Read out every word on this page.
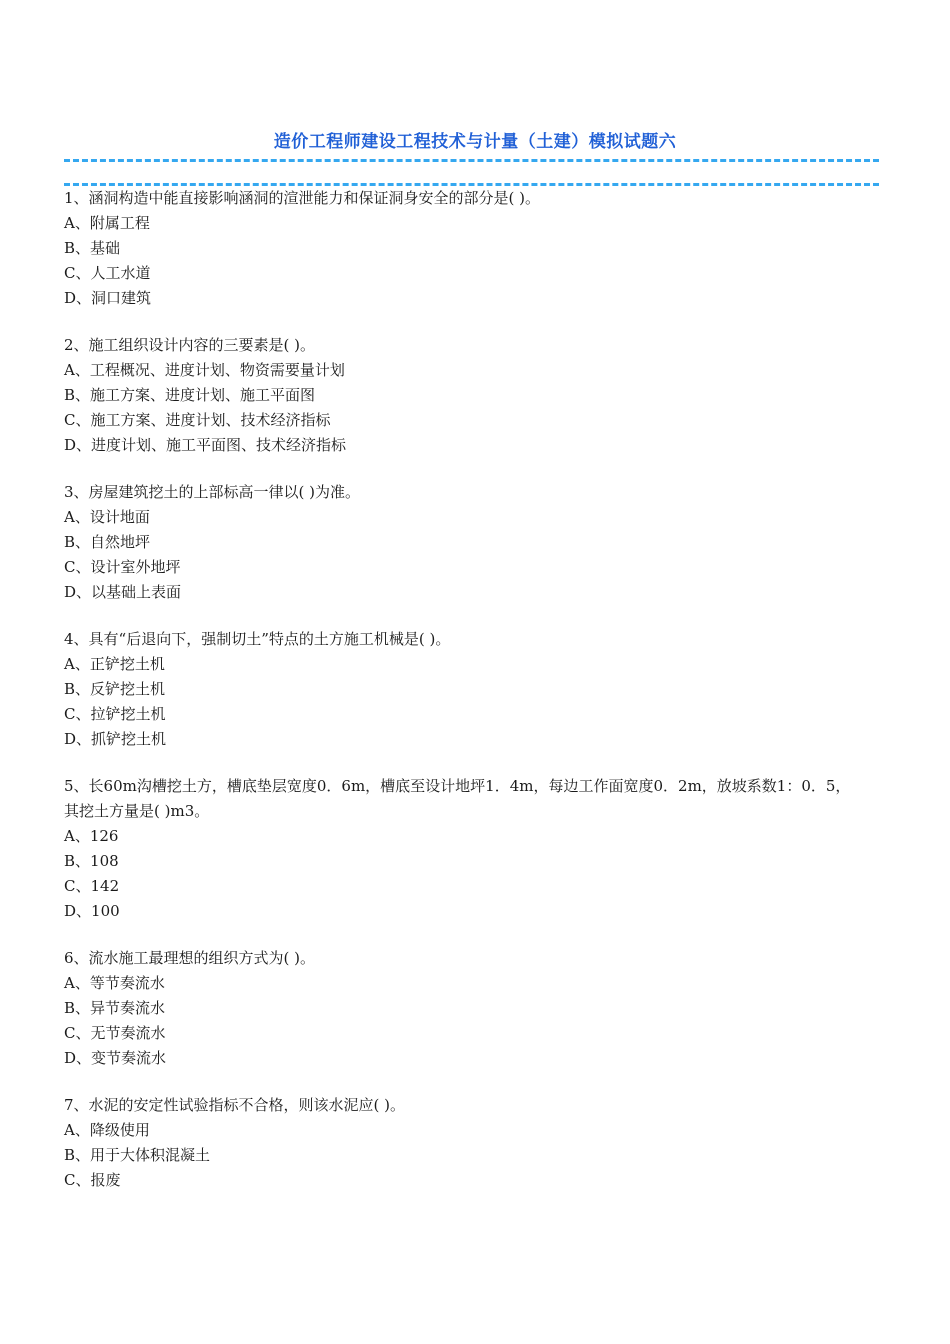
造价工程师建设工程技术与计量（土建）模拟试题六

1、涵洞构造中能直接影响涵洞的渲泄能力和保证洞身安全的部分是( )。

A、附属工程

B、基础

C、人工水道

D、洞口建筑

2、施工组织设计内容的三要素是( )。

A、工程概况、进度计划、物资需要量计划

B、施工方案、进度计划、施工平面图

C、施工方案、进度计划、技术经济指标

D、进度计划、施工平面图、技术经济指标

3、房屋建筑挖土的上部标高一律以( )为准。

A、设计地面

B、自然地坪

C、设计室外地坪

D、以基础上表面

4、具有“后退向下，强制切土”特点的土方施工机械是( )。

A、正铲挖土机

B、反铲挖土机

C、拉铲挖土机

D、抓铲挖土机

5、长60m沟槽挖土方，槽底垫层宽度0．6m，槽底至设计地坪1．4m，每边工作面宽度0．2m，放坡系数1：0．5，其挖土方量是( )m3。

A、126

B、108

C、142

D、100

6、流水施工最理想的组织方式为( )。

A、等节奏流水

B、异节奏流水

C、无节奏流水

D、变节奏流水

7、水泥的安定性试验指标不合格，则该水泥应( )。

A、降级使用

B、用于大体积混凝土

C、报废
